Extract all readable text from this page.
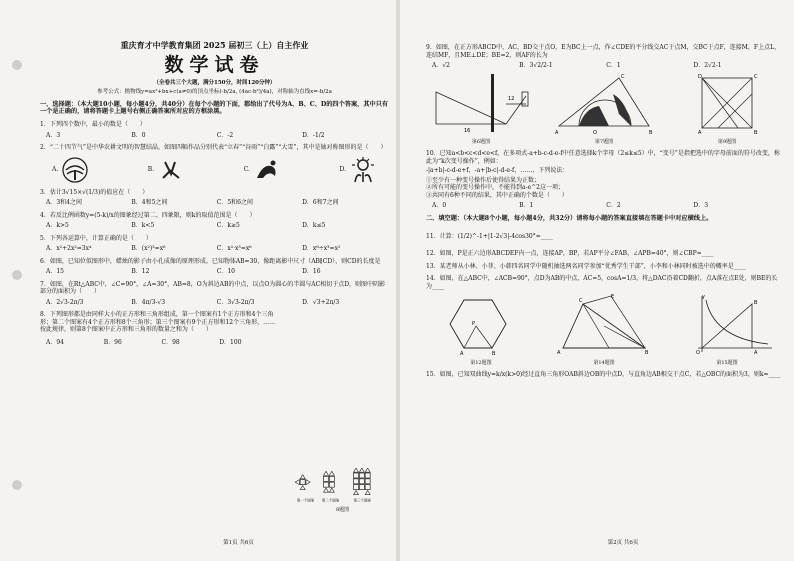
重庆育才中学教育集团 2025 届初三（上）自主作业
数学试卷
（全卷共三个大题，满分150分，时间120分钟）
参考公式：抛物线y=ax²+bx+c(a≠0)的顶点坐标(-b/2a, (4ac-b²)/4a)，对称轴为直线x=-b/2a
一、选择题：（本大题10小题，每小题4分，共40分）在每个小题的下面，都给出了代号为A、B、C、D的四个答案，其中只有一个是正确的，请将答题卡上题号右侧正确答案所对应的方框涂黑。
1．下列四个数中，最小的数是（　　）
A．3	B．0	C．-2	D．-1/2
2．“二十四节气”是中华农耕文明的智慧结晶，如图四幅作品分别代表“立春”“谷雨”“白露”“大雪”，其中是轴对称图形的是（　　）
A.	B.	C.	D.
3．估计3√15×√(1/3)的值应在（　　）
A．3和4之间	B．4和5之间	C．5和6之间	D．6和7之间
4．若反比例函数y=(5-k)/x的图象经过第二、四象限，则k的取值范围是（　　）
A．k>5	B．k<5	C．k≥5	D．k≤5
5．下列各运算中，计算正确的是（　　）
A．x²+2x²=3x⁴	B．(x²)³=x⁶	C．x²·x³=x⁶	D．x⁶÷x³=x²
6．如图，已知位似图形中，蜡烛的影子由小孔成像的原理形成。已知物体AB=30，像距离影中尺寸（AB∥CD），则CD的长度是
A．15	B．12	C．10	D．16
7．如图，在Rt△ABC中，∠C=90°，∠A=30°，AB=8，O为斜边AB的中点，以点O为圆心的半圆与AC相切于点D，则图中阴影部分的面积为（　　）
A．2√3-2π/3	B．4π/3-√3	C．3√3-2π/3	D．√3+2π/3
8．下列图形都是由同样大小的正方形和三角形组成，第一个图案有1个正方形和4个三角形；第二个图案有4个正方形和8个三角形；第三个图案有9个正方形和12个三角形，……按此规律，则第8个图案中正方形和三角形的数量之和为（　　）
A．94	B．96	C．98	D．100
第1页 共6页
第一个图案 第二个图案	第三个图案
8题图
9．如图，在正方形ABCD中，AC，BD交于点O，E为BC上一点，作∠CDE的平分线交AC于点M，交BC于点F，连接M，F上点L，连结MF，且ME⊥DE；BE=2，则AF的长为
A．√2	B．3√2/2-1	C．1	D．2√2-1
16
12
第6题图
A	O	B
C
第7题图
D	C
A	B
第9题图
10．已知a<b<c<d<e<f，在多项式-a+b-c-d-e-f中任意选择k个字母（2≤k≤5）中，“变号”是指把选中的字母前面的符号改变，称此为“k次变号操作”，例如：
-|a+b|-c-d-e+f，-a+|b-c|-d-e-f，……，下列说法：
①至少有一种变号操作后使得结果为正数；
②所有可能的变号操作中，不能得到a-e^2这一项；
③共同有6种不同的结果，其中正确的个数是（　　）
A．0	B．1	C．2	D．3
二、填空题：（本大题8个小题，每小题4分，共32分）请将每小题的答案直接填在答题卡中对应横线上。
11．计算：(1/2)^-1+|1-2√3|-4cos30°=____
12．如图，P是正六边形ABCDEF内一点，连接AP，BP，若AP平分∠FAB，∠APB=40°，则∠CBP=____
13．某老师从小林、小菲、小韩四名同学中随机抽选两名同学参加“优秀学生干部”，小李和小林同时被选中的概率是____
14．如图，在△ABC中，∠ACB=90°，点D为AB的中点，AC=5，cosA=1/3，将△DAC沿着CD翻折，点A落在点E处，则BE的长为____
P
A	B
第12题图
A	B
C
E
第14题图
O	A
B
y
第15题图
15．如图，已知双曲线y=k/x(k>0)经过直角三角形OAB斜边OB的中点D，与直角边AB相交于点C，若△OBC的面积为3，则k=____
第2页 共6页
